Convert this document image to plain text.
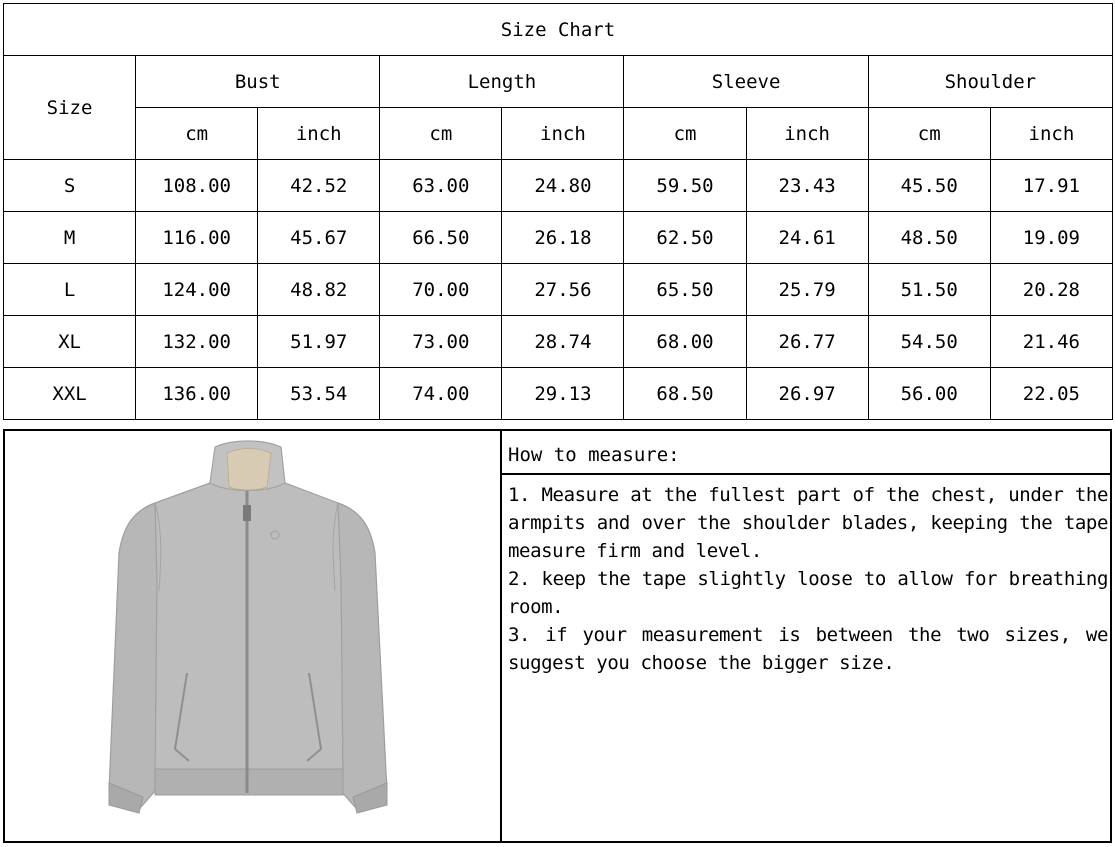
Size Chart								
Size	Bust		Length		Sleeve		Shoulder	
	cm	inch	cm	inch	cm	inch	cm	inch
S	108.00	42.52	63.00	24.80	59.50	23.43	45.50	17.91
M	116.00	45.67	66.50	26.18	62.50	24.61	48.50	19.09
L	124.00	48.82	70.00	27.56	65.50	25.79	51.50	20.28
XL	132.00	51.97	73.00	28.74	68.00	26.77	54.50	21.46
XXL	136.00	53.54	74.00	29.13	68.50	26.97	56.00	22.05
How to measure:
1. Measure at the fullest part of the chest, under the armpits and over the shoulder blades, keeping the tape measure firm and level.
2. keep the tape slightly loose to allow for breathing room.
3. if your measurement is between the two sizes, we suggest you choose the bigger size.
